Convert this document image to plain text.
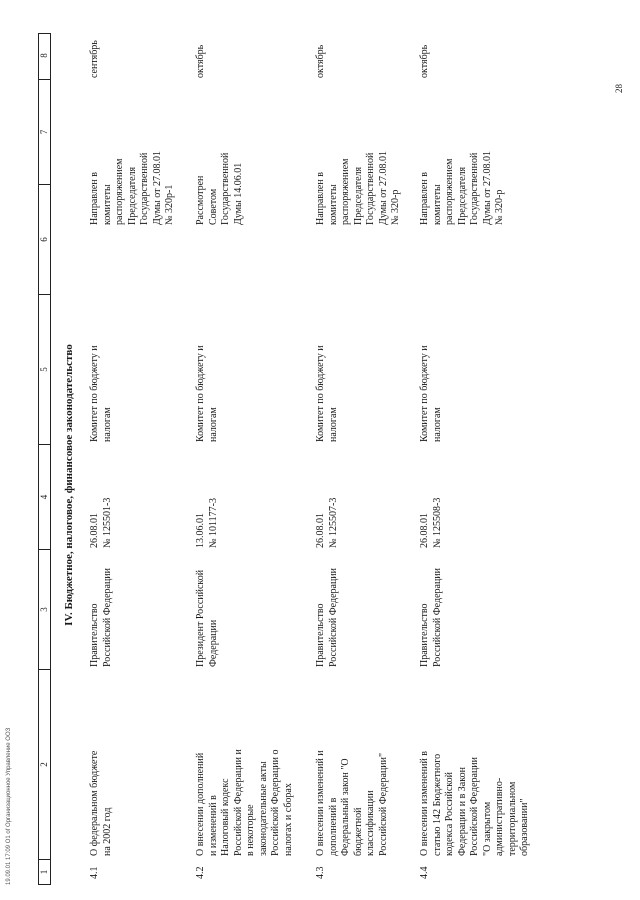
19.09.01 17:09 О1 of Организационное Управление ООЗ	1
2
3
4
5
6
7
8
IV. Бюджетное, налоговое, финансовое законодательство
4.1
О федеральном бюджете
на 2002 год
Правительство
Российской Федерации
26.08.01
№ 125501-3
Комитет по бюджету и
налогам
Направлен в
комитеты
распоряжением
Председателя
Государственной
Думы от 27.08.01
№ 320р-1
сентябрь
4.2
О внесении дополнений
и изменений в
Налоговый кодекс
Российской Федерации и
в некоторые
законодательные акты
Российской Федерации о
налогах и сборах
Президент Российской
Федерации
13.06.01
№ 101177-3
Комитет по бюджету и
налогам
Рассмотрен
Советом
Государственной
Думы 14.06.01
октябрь
4.3
О внесении изменений и
дополнений в
Федеральный закон "О
бюджетной
классификации
Российской Федерации"
Правительство
Российской Федерации
26.08.01
№ 125507-3
Комитет по бюджету и
налогам
Направлен в
комитеты
распоряжением
Председателя
Государственной
Думы от 27.08.01
№ 320-р
октябрь
4.4
О внесении изменений в
статью 142 Бюджетного
кодекса Российской
Федерации и в Закон
Российской Федерации
"О закрытом
административно-
территориальном
образовании"
Правительство
Российской Федерации
26.08.01
№ 125508-3
Комитет по бюджету и
налогам
Направлен в
комитеты
распоряжением
Председателя
Государственной
Думы от 27.08.01
№ 320-р
октябрь
28
